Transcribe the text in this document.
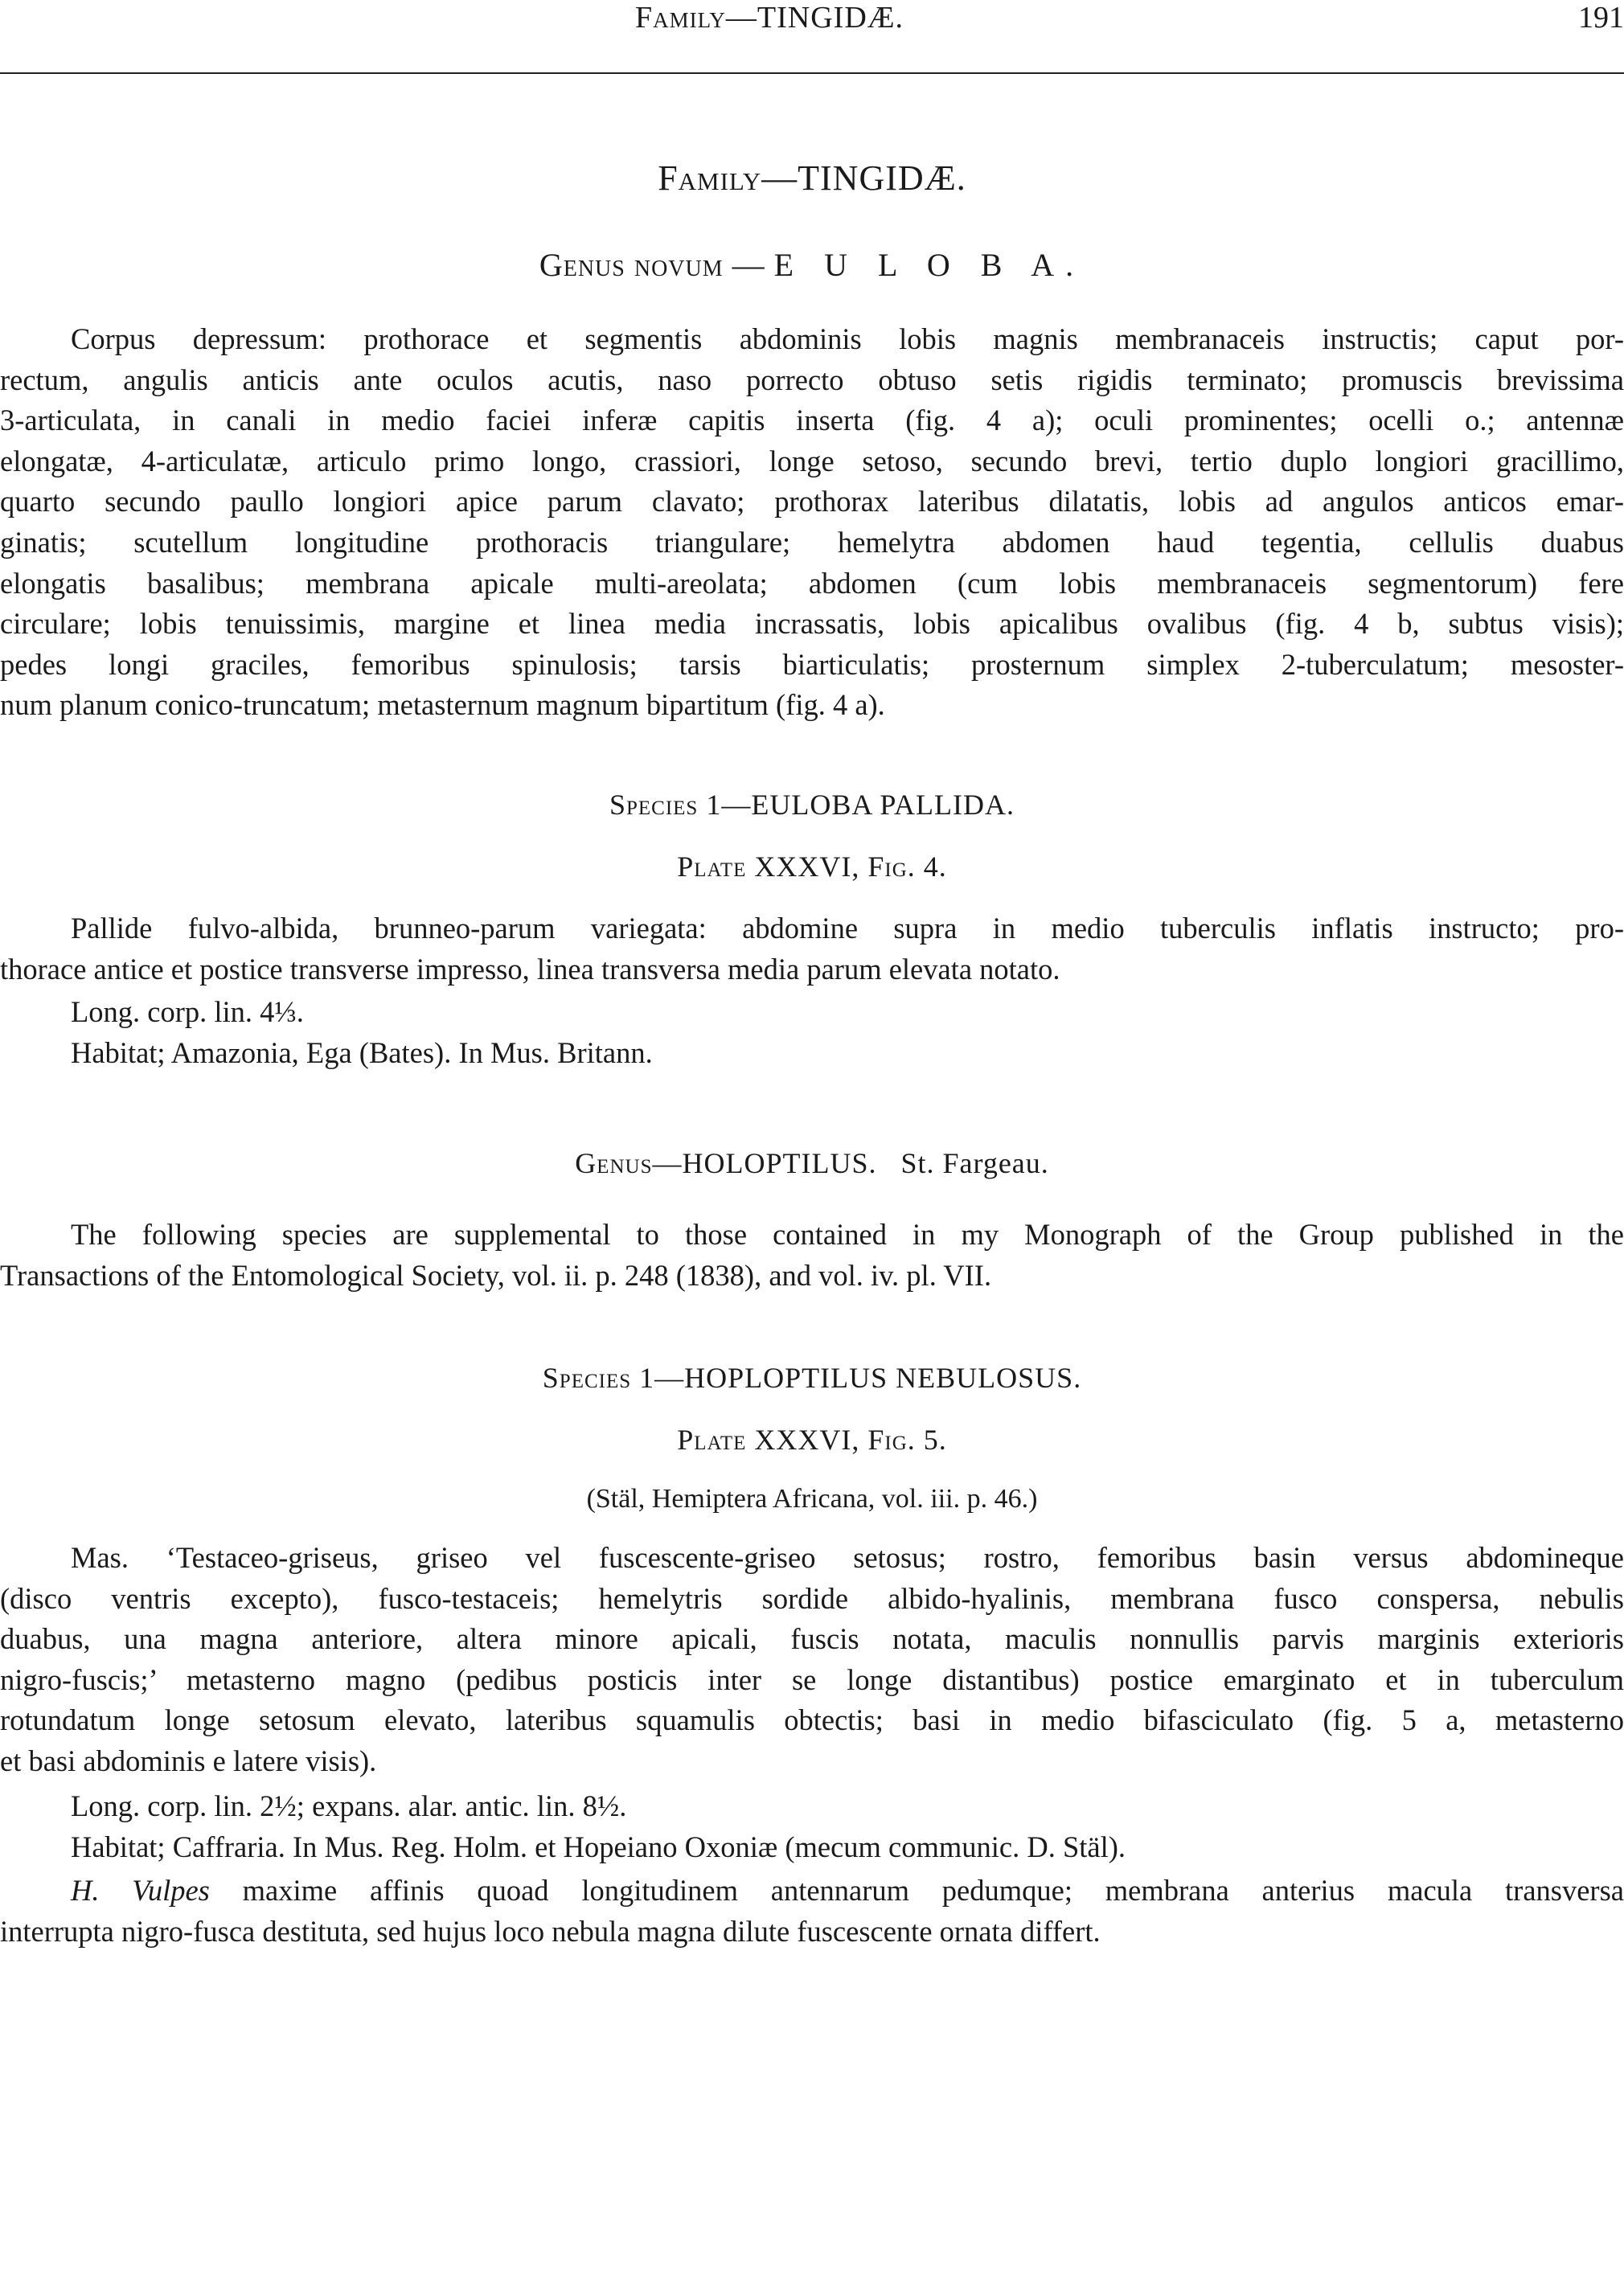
Family—TINGIDÆ.	191
Family—TINGIDÆ.
Genus novum — E U L O B A.
Corpus depressum: prothorace et segmentis abdominis lobis magnis membranaceis instructis; caput por-
rectum, angulis anticis ante oculos acutis, naso porrecto obtuso setis rigidis terminato; promuscis brevissima
3-articulata, in canali in medio faciei inferæ capitis inserta (fig. 4 a); oculi prominentes; ocelli o.; antennæ
elongatæ, 4-articulatæ, articulo primo longo, crassiori, longe setoso, secundo brevi, tertio duplo longiori gracillimo,
quarto secundo paullo longiori apice parum clavato; prothorax lateribus dilatatis, lobis ad angulos anticos emar-
ginatis; scutellum longitudine prothoracis triangulare; hemelytra abdomen haud tegentia, cellulis duabus
elongatis basalibus; membrana apicale multi-areolata; abdomen (cum lobis membranaceis segmentorum) fere
circulare; lobis tenuissimis, margine et linea media incrassatis, lobis apicalibus ovalibus (fig. 4 b, subtus visis);
pedes longi graciles, femoribus spinulosis; tarsis biarticulatis; prosternum simplex 2-tuberculatum; mesoster-
num planum conico-truncatum; metasternum magnum bipartitum (fig. 4 a).
Species 1—EULOBA PALLIDA.
Plate XXXVI, Fig. 4.
Pallide fulvo-albida, brunneo-parum variegata: abdomine supra in medio tuberculis inflatis instructo; pro-
thorace antice et postice transverse impresso, linea transversa media parum elevata notato.
Long. corp. lin. 4⅓.
Habitat; Amazonia, Ega (Bates). In Mus. Britann.
Genus—HOLOPTILUS. St. Fargeau.
The following species are supplemental to those contained in my Monograph of the Group published in the
Transactions of the Entomological Society, vol. ii. p. 248 (1838), and vol. iv. pl. VII.
Species 1—HOPLOPTILUS NEBULOSUS.
Plate XXXVI, Fig. 5.
(Stäl, Hemiptera Africana, vol. iii. p. 46.)
Mas. ‘Testaceo-griseus, griseo vel fuscescente-griseo setosus; rostro, femoribus basin versus abdomineque
(disco ventris excepto), fusco-testaceis; hemelytris sordide albido-hyalinis, membrana fusco conspersa, nebulis
duabus, una magna anteriore, altera minore apicali, fuscis notata, maculis nonnullis parvis marginis exterioris
nigro-fuscis;’ metasterno magno (pedibus posticis inter se longe distantibus) postice emarginato et in tuberculum
rotundatum longe setosum elevato, lateribus squamulis obtectis; basi in medio bifasciculato (fig. 5 a, metasterno
et basi abdominis e latere visis).
Long. corp. lin. 2½; expans. alar. antic. lin. 8½.
Habitat; Caffraria. In Mus. Reg. Holm. et Hopeiano Oxoniæ (mecum communic. D. Stäl).
H. Vulpes maxime affinis quoad longitudinem antennarum pedumque; membrana anterius macula transversa
interrupta nigro-fusca destituta, sed hujus loco nebula magna dilute fuscescente ornata differt.
